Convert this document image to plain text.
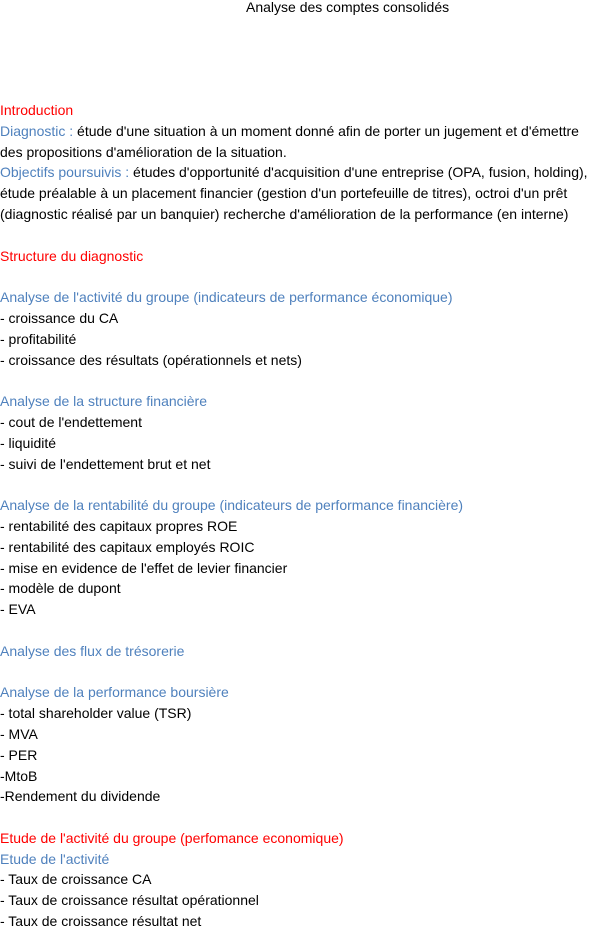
Analyse des comptes consolidés
Introduction
Diagnostic : étude d'une situation à un moment donné afin de porter un jugement et d'émettre des propositions d'amélioration de la situation.
Objectifs poursuivis : études d'opportunité d'acquisition d'une entreprise (OPA, fusion, holding), étude préalable à un placement financier (gestion d'un portefeuille de titres), octroi d'un prêt (diagnostic réalisé par un banquier) recherche d'amélioration de la performance (en interne)
Structure du diagnostic
Analyse de l'activité du groupe (indicateurs de performance économique)
- croissance du CA
- profitabilité
- croissance des résultats (opérationnels et nets)
Analyse de la structure financière
- cout de l'endettement
- liquidité
- suivi de l'endettement brut et net
Analyse de la rentabilité du groupe (indicateurs de performance financière)
- rentabilité des capitaux propres ROE
- rentabilité des capitaux employés ROIC
- mise en evidence de l'effet de levier financier
- modèle de dupont
- EVA
Analyse des flux de trésorerie
Analyse de la performance boursière
- total shareholder value (TSR)
- MVA
- PER
-MtoB
-Rendement du dividende
Etude de l'activité du groupe (perfomance economique)
Etude de l'activité
- Taux de croissance CA
- Taux de croissance résultat opérationnel
- Taux de croissance résultat net
